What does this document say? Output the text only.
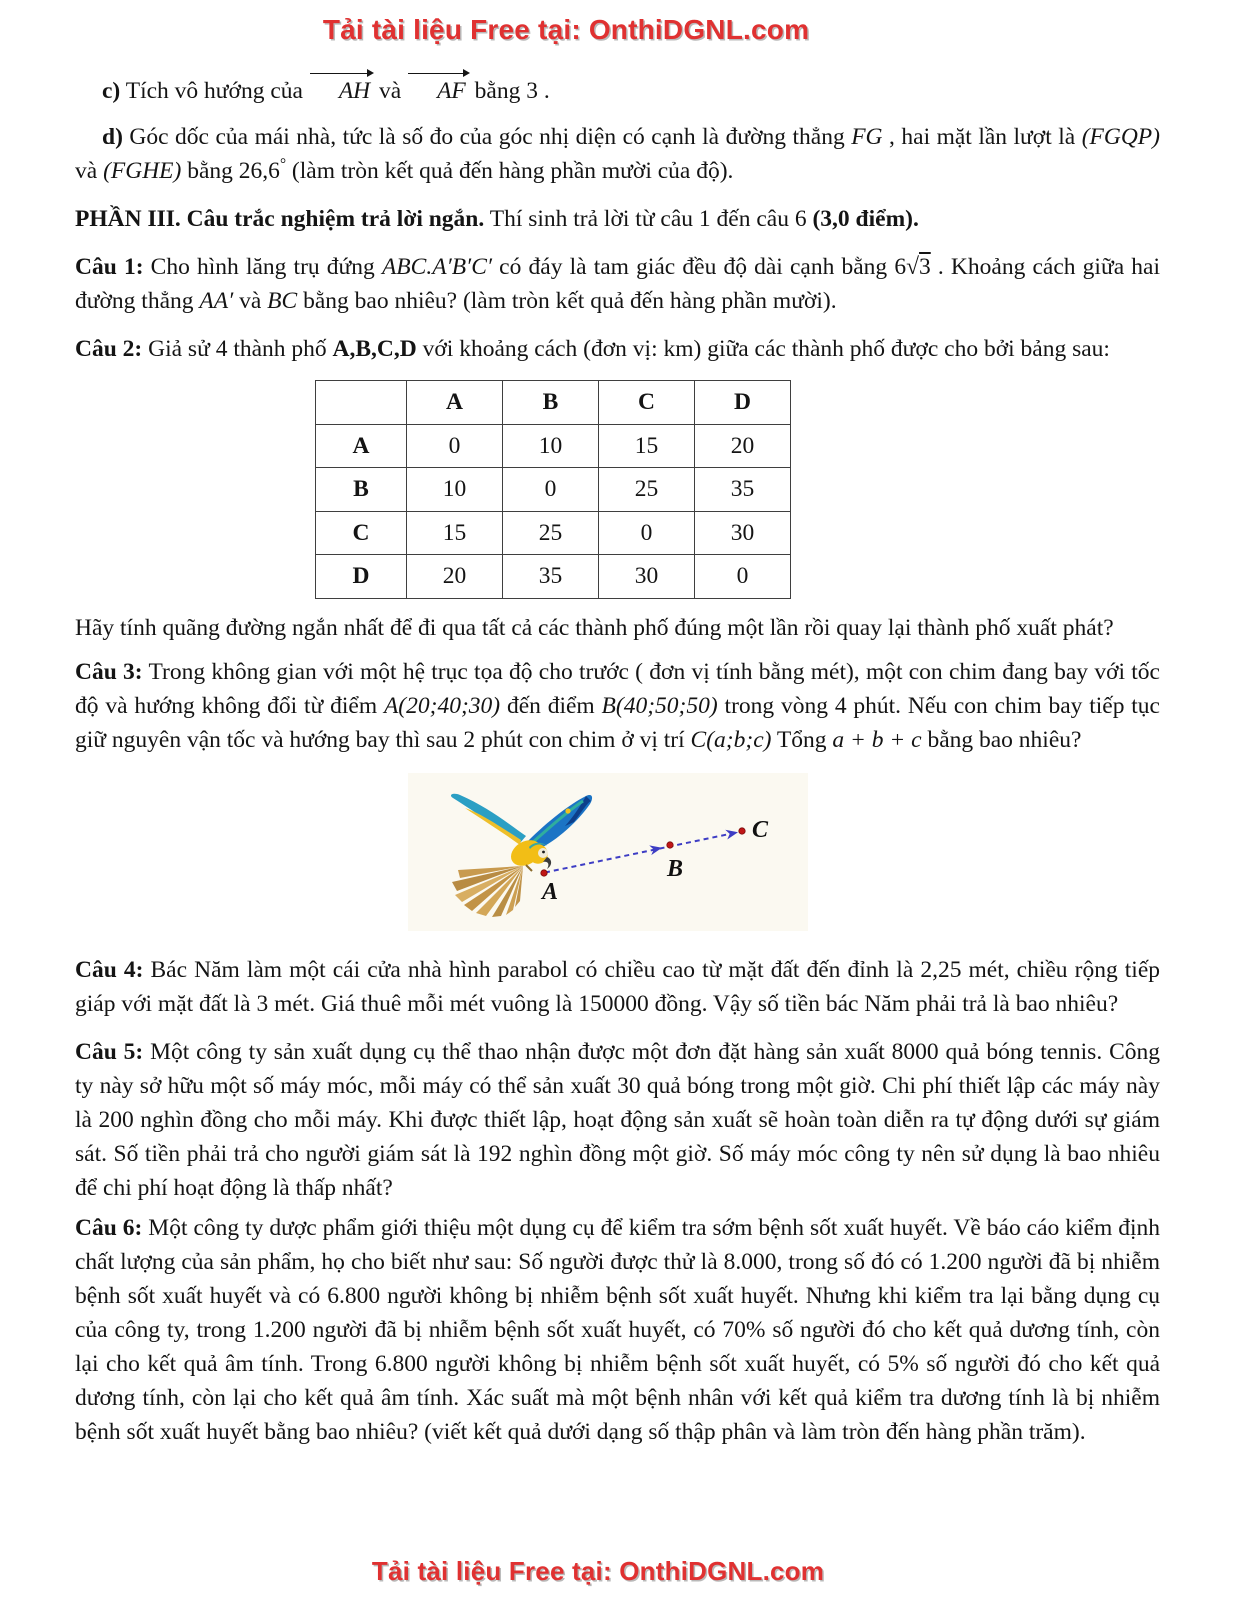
Tải tài liệu Free tại: OnthiDGNL.com

c) Tích vô hướng của AH và AF bằng 3 .

d) Góc dốc của mái nhà, tức là số đo của góc nhị diện có cạnh là đường thẳng FG , hai mặt lần lượt là (FGQP) và (FGHE) bằng 26,6° (làm tròn kết quả đến hàng phần mười của độ).

PHẦN III. Câu trắc nghiệm trả lời ngắn. Thí sinh trả lời từ câu 1 đến câu 6 (3,0 điểm).

Câu 1: Cho hình lăng trụ đứng ABC.A′B′C′ có đáy là tam giác đều độ dài cạnh bằng 6√3 . Khoảng cách giữa hai đường thẳng AA′ và BC bằng bao nhiêu? (làm tròn kết quả đến hàng phần mười).

Câu 2: Giả sử 4 thành phố A,B,C,D với khoảng cách (đơn vị: km) giữa các thành phố được cho bởi bảng sau:

	A	B	C	D
A	0	10	15	20
B	10	0	25	35
C	15	25	0	30
D	20	35	30	0

Hãy tính quãng đường ngắn nhất để đi qua tất cả các thành phố đúng một lần rồi quay lại thành phố xuất phát?

Câu 3: Trong không gian với một hệ trục tọa độ cho trước ( đơn vị tính bằng mét), một con chim đang bay với tốc độ và hướng không đổi từ điểm A(20;40;30) đến điểm B(40;50;50) trong vòng 4 phút. Nếu con chim bay tiếp tục giữ nguyên vận tốc và hướng bay thì sau 2 phút con chim ở vị trí C(a;b;c) Tổng a + b + c bằng bao nhiêu?

A
B
C

Câu 4: Bác Năm làm một cái cửa nhà hình parabol có chiều cao từ mặt đất đến đỉnh là 2,25 mét, chiều rộng tiếp giáp với mặt đất là 3 mét. Giá thuê mỗi mét vuông là 150000 đồng. Vậy số tiền bác Năm phải trả là bao nhiêu?

Câu 5: Một công ty sản xuất dụng cụ thể thao nhận được một đơn đặt hàng sản xuất 8000 quả bóng tennis. Công ty này sở hữu một số máy móc, mỗi máy có thể sản xuất 30 quả bóng trong một giờ. Chi phí thiết lập các máy này là 200 nghìn đồng cho mỗi máy. Khi được thiết lập, hoạt động sản xuất sẽ hoàn toàn diễn ra tự động dưới sự giám sát. Số tiền phải trả cho người giám sát là 192 nghìn đồng một giờ. Số máy móc công ty nên sử dụng là bao nhiêu để chi phí hoạt động là thấp nhất?

Câu 6: Một công ty dược phẩm giới thiệu một dụng cụ để kiểm tra sớm bệnh sốt xuất huyết. Về báo cáo kiểm định chất lượng của sản phẩm, họ cho biết như sau: Số người được thử là 8.000, trong số đó có 1.200 người đã bị nhiễm bệnh sốt xuất huyết và có 6.800 người không bị nhiễm bệnh sốt xuất huyết. Nhưng khi kiểm tra lại bằng dụng cụ của công ty, trong 1.200 người đã bị nhiễm bệnh sốt xuất huyết, có 70% số người đó cho kết quả dương tính, còn lại cho kết quả âm tính. Trong 6.800 người không bị nhiễm bệnh sốt xuất huyết, có 5% số người đó cho kết quả dương tính, còn lại cho kết quả âm tính. Xác suất mà một bệnh nhân với kết quả kiểm tra dương tính là bị nhiễm bệnh sốt xuất huyết bằng bao nhiêu? (viết kết quả dưới dạng số thập phân và làm tròn đến hàng phần trăm).

Tải tài liệu Free tại: OnthiDGNL.com
